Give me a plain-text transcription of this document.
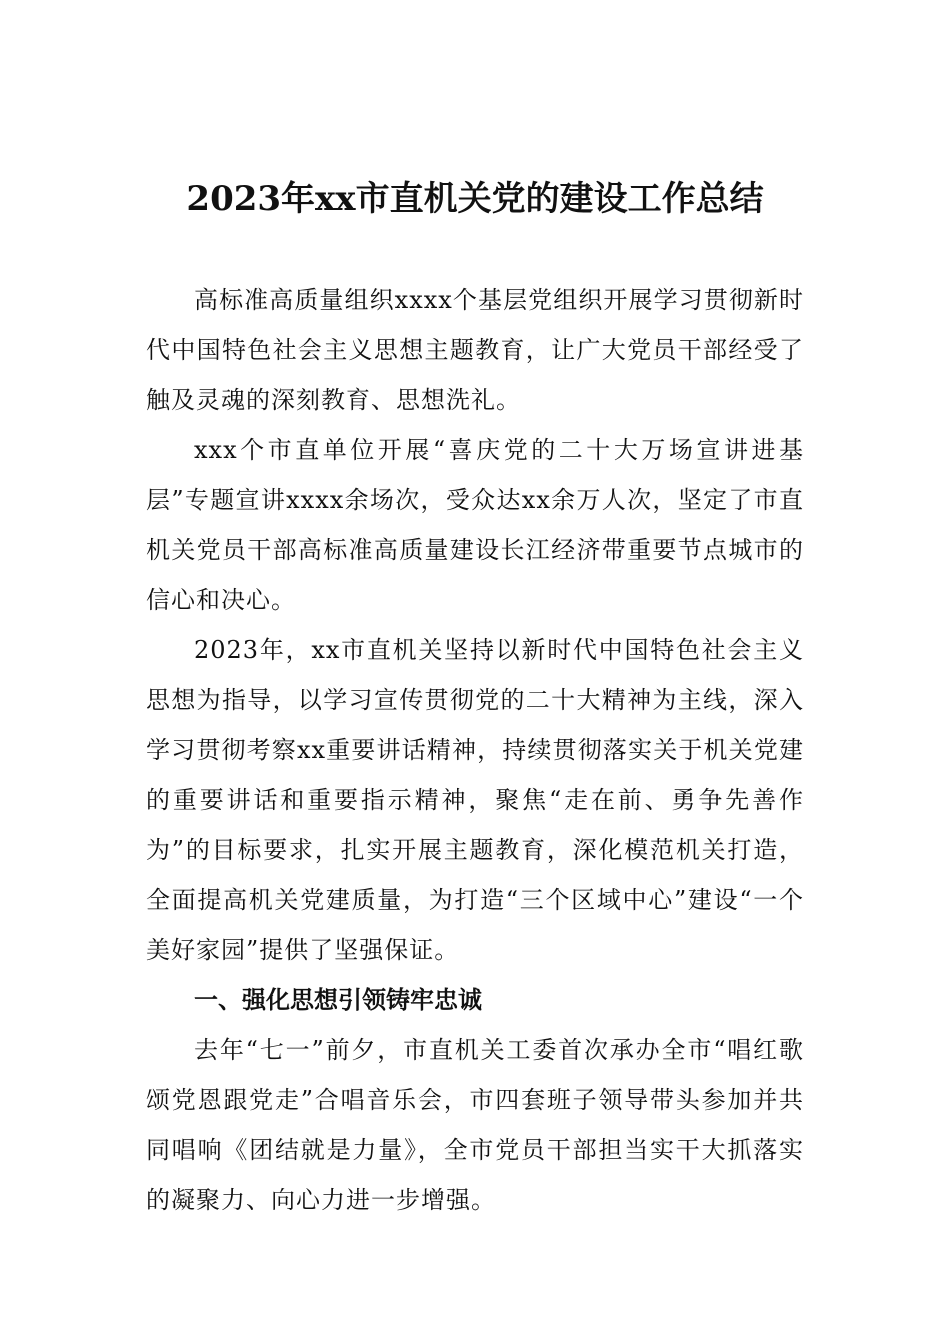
2023年xx市直机关党的建设工作总结

高标准高质量组织xxxx个基层党组织开展学习贯彻新时代中国特色社会主义思想主题教育，让广大党员干部经受了触及灵魂的深刻教育、思想洗礼。

xxx个市直单位开展“喜庆党的二十大万场宣讲进基层”专题宣讲xxxx余场次，受众达xx余万人次，坚定了市直机关党员干部高标准高质量建设长江经济带重要节点城市的信心和决心。

2023年，xx市直机关坚持以新时代中国特色社会主义思想为指导，以学习宣传贯彻党的二十大精神为主线，深入学习贯彻考察xx重要讲话精神，持续贯彻落实关于机关党建的重要讲话和重要指示精神，聚焦“走在前、勇争先善作为”的目标要求，扎实开展主题教育，深化模范机关打造，全面提高机关党建质量，为打造“三个区域中心”建设“一个美好家园”提供了坚强保证。

一、强化思想引领铸牢忠诚

去年“七一”前夕，市直机关工委首次承办全市“唱红歌颂党恩跟党走”合唱音乐会，市四套班子领导带头参加并共同唱响《团结就是力量》，全市党员干部担当实干大抓落实的凝聚力、向心力进一步增强。
